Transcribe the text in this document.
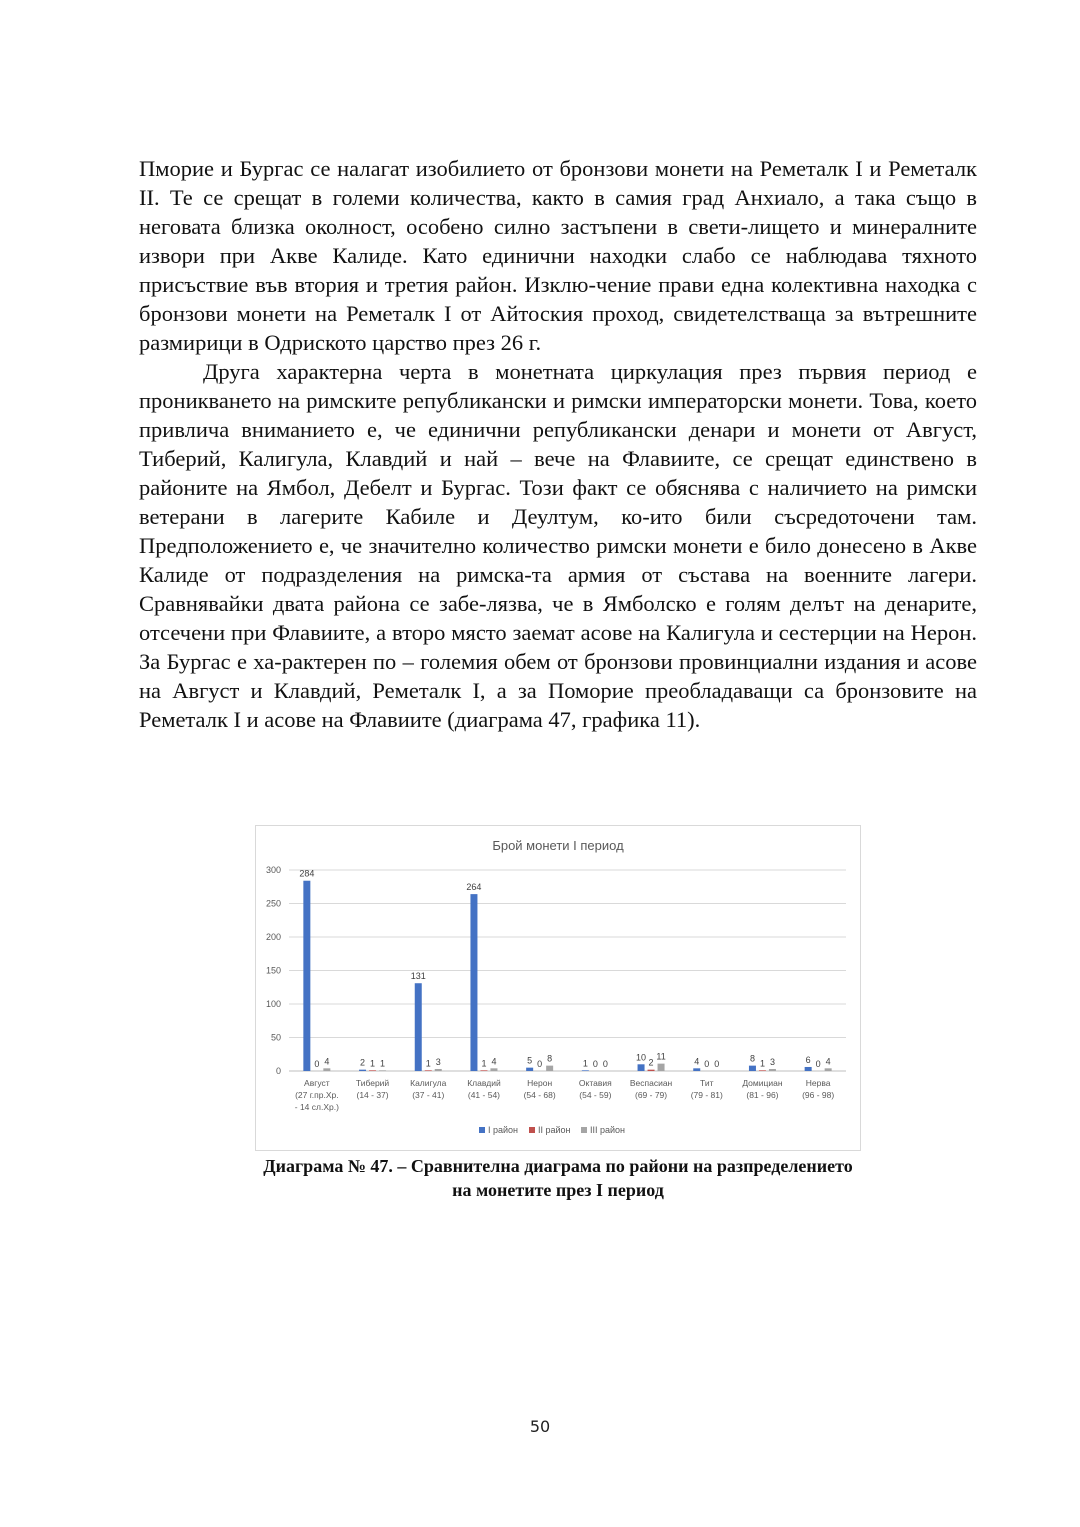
Пморие и Бургас се налагат изобилието от бронзови монети на Реметалк I и Реметалк II. Те се срещат в големи количества, както в самия град Анхиало, а така също в неговата близка околност, особено силно застъпени в свети-лището и минералните извори при Акве Калиде. Като единични находки слабо се наблюдава тяхното присъствие във втория и третия район. Изклю-чение прави една колективна находка с бронзови монети на Реметалк I от Айтоския проход, свидетелстваща за вътрешните размирици в Одриското царство през 26 г.

Друга характерна черта в монетната циркулация през първия период е проникването на римските републикански и римски императорски монети. Това, което привлича вниманието е, че единични републикански денари и монети от Август, Тиберий, Калигула, Клавдий и най – вече на Флавиите, се срещат единствено в районите на Ямбол, Дебелт и Бургас. Този факт се обяснява с наличието на римски ветерани в лагерите Кабиле и Деултум, ко-ито били съсредоточени там. Предположението е, че значително количество римски монети е било донесено в Акве Калиде от подразделения на римска-та армия от състава на военните лагери. Сравнявайки двата района се забе-лязва, че в Ямболско е голям делът на денарите, отсечени при Флавиите, а второ място заемат асове на Калигула и сестерции на Нерон. За Бургас е ха-рактерен по – големия обем от бронзови провинциални издания и асове на Август и Клавдий, Реметалк I, а за Поморие преобладаващи са бронзовите на Реметалк I и асове на Флавиите (диаграма 47, графика 11).

Брой монети I период
0
50
100
150
200
250
300 284
0 4
Август
(27 г.пр.Хр.
- 14 сл.Хр.)
2 1 1
Тиберий
(14 - 37)
131
1 3
Калигула
(37 - 41)
264
1 4
Клавдий
(41 - 54)
5 0
8
Нерон
(54 - 68)
1 0 0
Октавия
(54 - 59)
10
2
11
Веспасиан
(69 - 79)
4 0 0
Тит
(79 - 81)
8 1 3
Домициан
(81 - 96)
6 0 4
Нерва
(96 - 98)
I район II район III район
Диаграма № 47. – Сравнителна диаграма по райони на разпределението
на монетите през I период
50
